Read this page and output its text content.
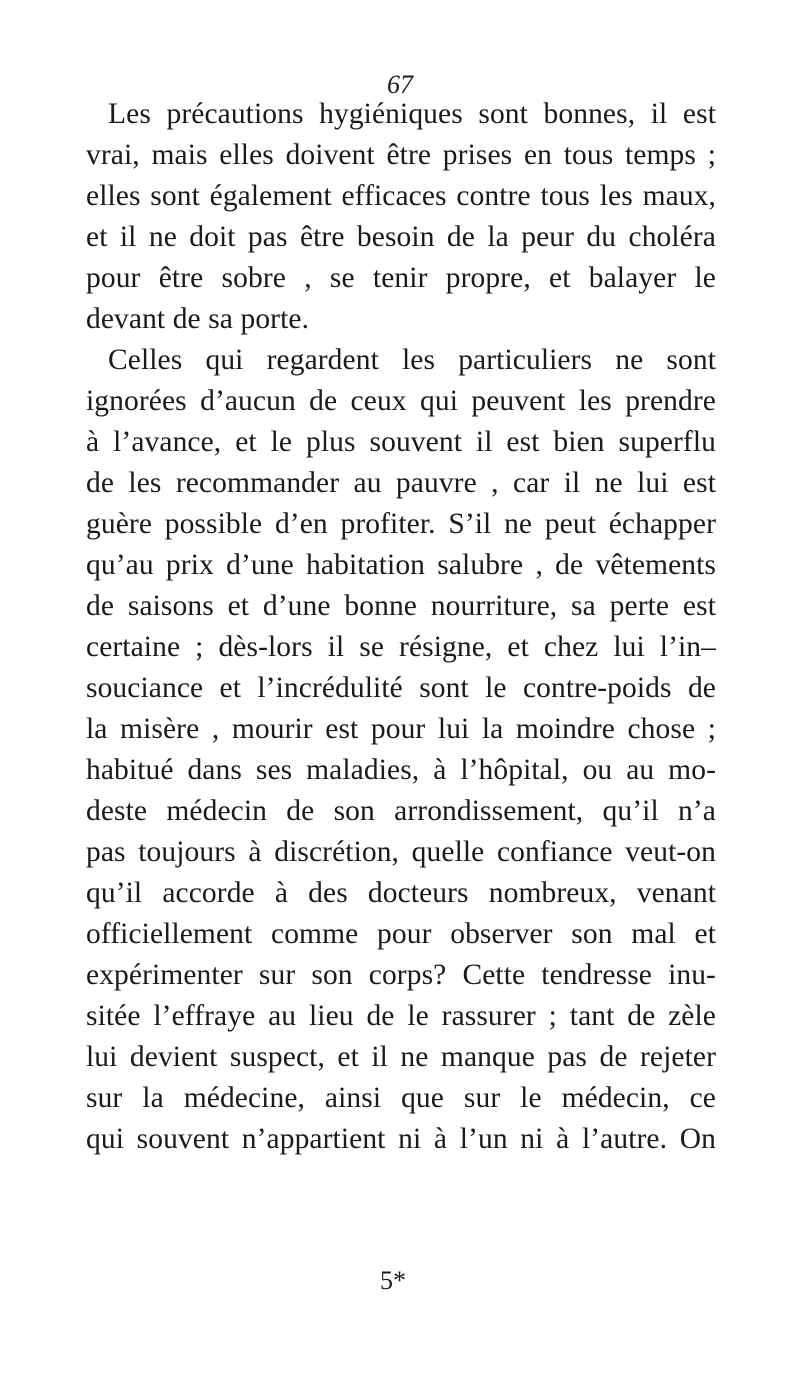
67
Les précautions hygiéniques sont bonnes, il est
vrai, mais elles doivent être prises en tous temps ;
elles sont également efficaces contre tous les maux,
et il ne doit pas être besoin de la peur du choléra
pour être sobre , se tenir propre, et balayer le
devant de sa porte.
Celles qui regardent les particuliers ne sont
ignorées d’aucun de ceux qui peuvent les prendre
à l’avance, et le plus souvent il est bien superflu
de les recommander au pauvre , car il ne lui est
guère possible d’en profiter. S’il ne peut échapper
qu’au prix d’une habitation salubre , de vêtements
de saisons et d’une bonne nourriture, sa perte est
certaine ; dès-lors il se résigne, et chez lui l’in–
souciance et l’incrédulité sont le contre-poids de
la misère , mourir est pour lui la moindre chose ;
habitué dans ses maladies, à l’hôpital, ou au mo-
deste médecin de son arrondissement, qu’il n’a
pas toujours à discrétion, quelle confiance veut-on
qu’il accorde à des docteurs nombreux, venant
officiellement comme pour observer son mal et
expérimenter sur son corps? Cette tendresse inu-
sitée l’effraye au lieu de le rassurer ; tant de zèle
lui devient suspect, et il ne manque pas de rejeter
sur la médecine, ainsi que sur le médecin, ce
qui souvent n’appartient ni à l’un ni à l’autre. On
5*
